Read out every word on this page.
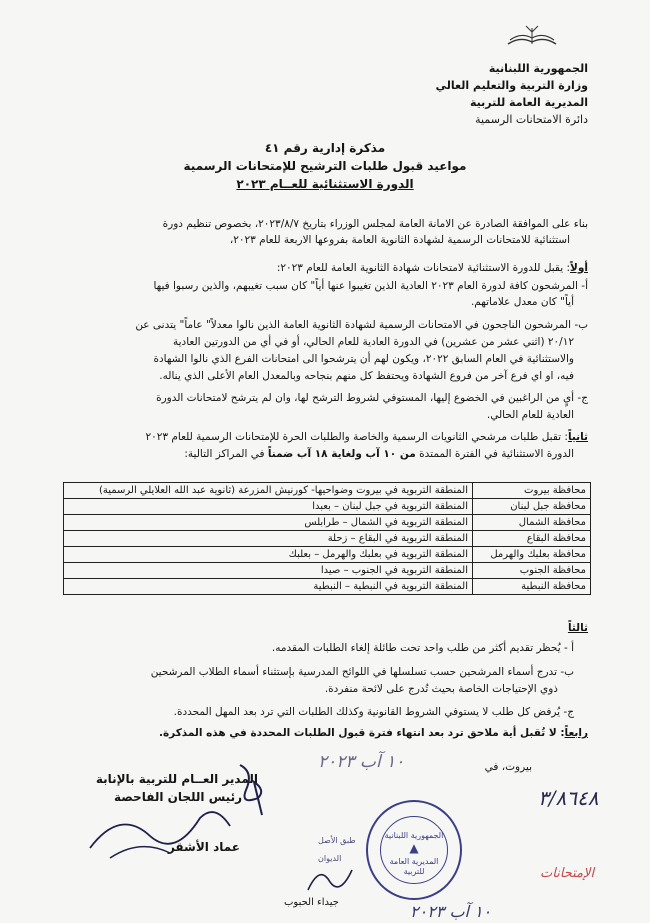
الجمهورية اللبنانية
وزارة التربية والتعليم العالي
المديرية العامة للتربية
دائرة الامتحانات الرسمية
مذكرة إدارية رقم ٤١
مواعيد قبول طلبات الترشيح للإمتحانات الرسمية
الدورة الاستثنائية للعــام ٢٠٢٣
بناء على الموافقة الصادرة عن الامانة العامة لمجلس الوزراء بتاريخ ٢٠٢٣/٨/٧، بخصوص تنظيم دورة
استثنائية للامتحانات الرسمية لشهادة الثانوية العامة بفروعها الاربعة للعام ٢٠٢٣،
أولاً: يقبل للدورة الاستثنائية لامتحانات شهادة الثانوية العامة للعام ٢٠٢٣:
أ- المرشحون كافة لدورة العام ٢٠٢٣ العادية الذين تغيبوا عنها أياً" كان سبب تغيبهم، والذين رسبوا فيها
أياً" كان معدل علاماتهم.
ب- المرشحون الناجحون في الامتحانات الرسمية لشهادة الثانوية العامة الذين نالوا معدلاً" عاماً" يتدنى عن
٢٠/١٢ (اثني عشر من عشرين) في الدورة العادية للعام الحالي، أو في أي من الدورتين العادية
والاستثنائية في العام السابق ٢٠٢٢، ويكون لهم أن يترشحوا الى امتحانات الفرع الذي نالوا الشهادة
فيه، او اي فرع آخر من فروع الشهادة ويحتفظ كل منهم بنجاحه وبالمعدل العام الأعلى الذي يناله.
ج- أيٍ من الراغبين في الخضوع إليها، المستوفي لشروط الترشح لها، وان لم يترشح لامتحانات الدورة
العادية للعام الحالي.
ثانياً: تقبل طلبات مرشحي الثانويات الرسمية والخاصة والطلبات الحرة للإمتحانات الرسمية للعام ٢٠٢٣
الدورة الاستثنائية في الفترة الممتدة من ١٠ آب ولغاية ١٨ آب ضمناً في المراكز التالية:
محافظة بيروت	المنطقة التربوية في بيروت وضواحيها- كورنيش المزرعة (ثانوية عبد الله العلايلي الرسمية)
محافظة جبل لبنان	المنطقة التربوية في جبل لبنان – بعبدا
محافظة الشمال	المنطقة التربوية في الشمال – طرابلس
محافظة البقاع	المنطقة التربوية في البقاع – زحلة
محافظة بعلبك والهرمل	المنطقة التربوية في بعلبك والهرمل – بعلبك
محافظة الجنوب	المنطقة التربوية في الجنوب – صيدا
محافظة النبطية	المنطقة التربوية في النبطية – النبطية
ثالثاً
أ - يُحظر تقديم أكثر من طلب واحد تحت طائلة إلغاء الطلبات المقدمه.
ب- تدرج أسماء المرشحين حسب تسلسلها في اللوائح المدرسية بإستثناء أسماء الطلاب المرشحين
ذوي الإحتياجات الخاصة بحيث تُدرج على لائحة منفردة.
ج- يُرفض كل طلب لا يستوفي الشروط القانونية وكذلك الطلبات التي ترد بعد المهل المحددة.
رابعاً: لا تُقبل أية ملاحق ترد بعد انتهاء فترة قبول الطلبات المحددة في هذه المذكرة.
بيروت، في
١٠ آب ٢٠٢٣
المدير العــام للتربية بالإنابة
رئيس اللجان الفاحصة
عماد الأشقر
الجمهورية اللبنانية
▲
المديرية العامة للتربية
طبق الأصل
الديوان
جيداء الحبوب
٣/٨٦٤٨
الإمتحانات
١٠ آب ٢٠٢٣
